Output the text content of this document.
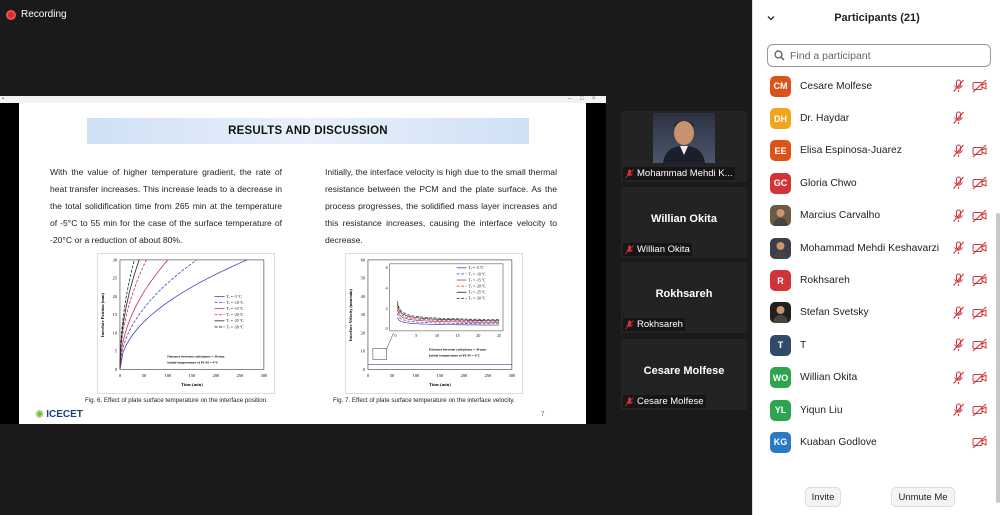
Recording
▪	– □ ×
RESULTS AND DISCUSSION
With the value of higher temperature gradient, the rate of heat transfer increases. This increase leads to a decrease in the total solidification time from 265 min at the temperature of -5°C to 55 min for the case of the surface temperature of -20°C or a reduction of about 80%.
Initially, the interface velocity is high due to the small thermal resistance between the PCM and the plate surface. As the process progresses, the solidified mass layer increases and this resistance increases, causing the interface velocity to decrease.
0
5
10
15
20
25
30
0	50	100	150	200	250	300
Interface Position (mm)
Time (min)
Tₛ = -5 °C
Tₛ = -10 °C
Tₛ = -15 °C
Tₛ = -20 °C
Tₛ = -25 °C
Tₛ = -30 °C
Distance between cold plates = 30 mm
Initial temperature of PCM = 4°C
0
10
20
30
40
50
60
0	50	100	150	200	250	300
Interface Velocity (mm/min)
Time (min)
0	5	10	15	20	25
0
2
4
6	Tₛ = -5 °C
Tₛ = -10 °C
Tₛ = -15 °C
Tₛ = -20 °C
Tₛ = -25 °C
Tₛ = -30 °C
Distance between cold plates = 30 mm
Initial temperature of PCM = 4°C
Fig. 6. Effect of plate surface temperature on the interface position.	Fig. 7. Effect of plate surface temperature on the interface velocity.
✺ ICECET	7
Mohammad Mehdi K...
Willian Okita
Willian Okita
Rokhsareh
Rokhsareh
Cesare Molfese
Cesare Molfese
Participants (21)
Find a participant
CM	Cesare Molfese
DH	Dr. Haydar
EE	Elisa Espinosa-Juarez
GC	Gloria Chwo
Marcius Carvalho
Mohammad Mehdi Keshavarzi
R	Rokhsareh
Stefan Svetsky
T	T
WO Willian Okita
YL	Yiqun Liu
KG	Kuaban Godlove
Invite	Unmute Me
